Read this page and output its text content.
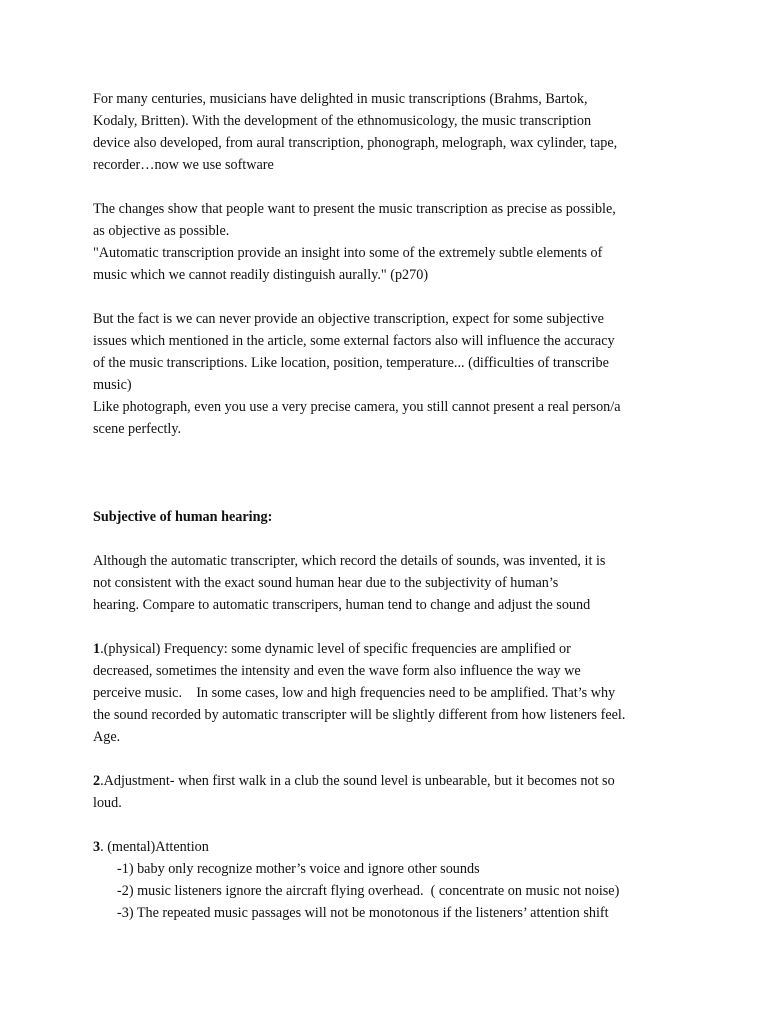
For many centuries, musicians have delighted in music transcriptions (Brahms, Bartok,
Kodaly, Britten). With the development of the ethnomusicology, the music transcription
device also developed, from aural transcription, phonograph, melograph, wax cylinder, tape,
recorder…now we use software
The changes show that people want to present the music transcription as precise as possible,
as objective as possible.
"Automatic transcription provide an insight into some of the extremely subtle elements of
music which we cannot readily distinguish aurally." (p270)
But the fact is we can never provide an objective transcription, expect for some subjective
issues which mentioned in the article, some external factors also will influence the accuracy
of the music transcriptions. Like location, position, temperature... (difficulties of transcribe
music)
Like photograph, even you use a very precise camera, you still cannot present a real person/a
scene perfectly.
Subjective of human hearing:
Although the automatic transcripter, which record the details of sounds, was invented, it is
not consistent with the exact sound human hear due to the subjectivity of human’s
hearing. Compare to automatic transcripers, human tend to change and adjust the sound
1.(physical) Frequency: some dynamic level of specific frequencies are amplified or
decreased, sometimes the intensity and even the wave form also influence the way we
perceive music.    In some cases, low and high frequencies need to be amplified. That’s why
the sound recorded by automatic transcripter will be slightly different from how listeners feel.
Age.
2.Adjustment- when first walk in a club the sound level is unbearable, but it becomes not so
loud.
3. (mental)Attention
-1) baby only recognize mother’s voice and ignore other sounds
-2) music listeners ignore the aircraft flying overhead.  ( concentrate on music not noise)
-3) The repeated music passages will not be monotonous if the listeners’ attention shift
